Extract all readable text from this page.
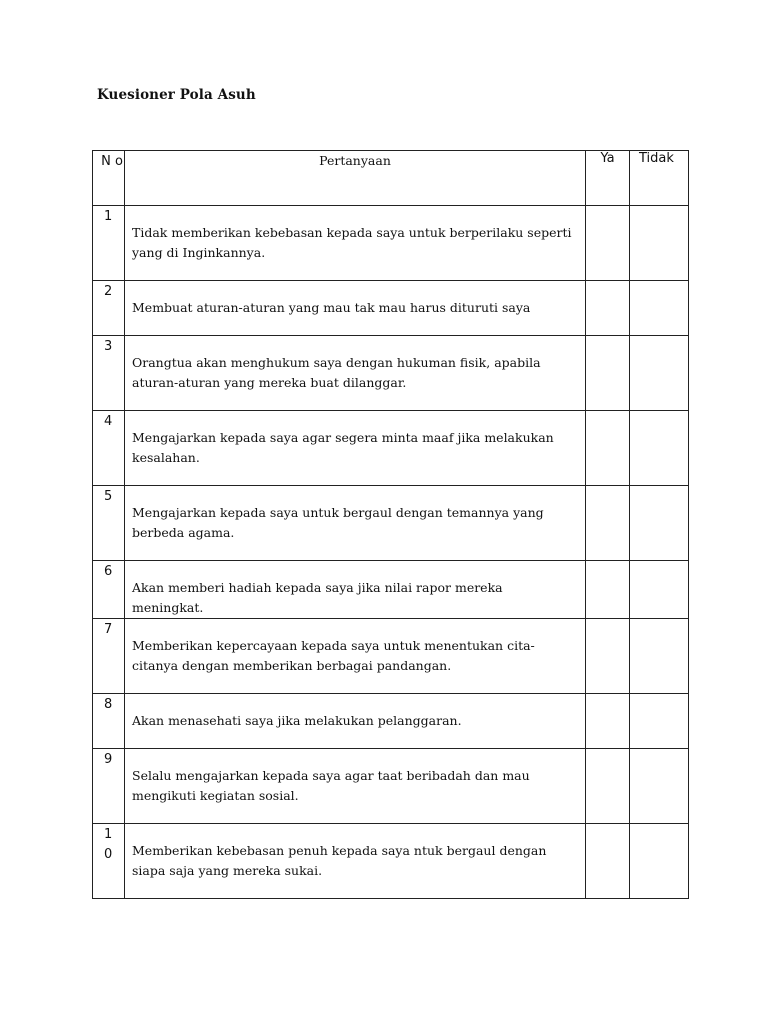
Kuesioner Pola Asuh
N o	Pertanyaan	Ya	Tidak
1	Tidak memberikan kebebasan kepada saya untuk berperilaku seperti yang di Inginkannya.		
2	Membuat aturan-aturan yang mau tak mau harus dituruti saya		
3	Orangtua akan menghukum saya dengan hukuman fisik, apabila aturan-aturan yang mereka buat dilanggar.		
4	Mengajarkan kepada saya agar segera minta maaf jika melakukan kesalahan.		
5	Mengajarkan kepada saya untuk bergaul dengan temannya yang berbeda agama.		
6	Akan memberi hadiah kepada saya jika nilai rapor mereka meningkat.		
7	Memberikan kepercayaan kepada saya untuk menentukan cita-citanya dengan memberikan berbagai pandangan.		
8	Akan menasehati saya jika melakukan pelanggaran.		
9	Selalu mengajarkan kepada saya agar taat beribadah dan mau mengikuti kegiatan sosial.		
1 0	Memberikan kebebasan penuh kepada saya ntuk bergaul dengan siapa saja yang mereka sukai.		
